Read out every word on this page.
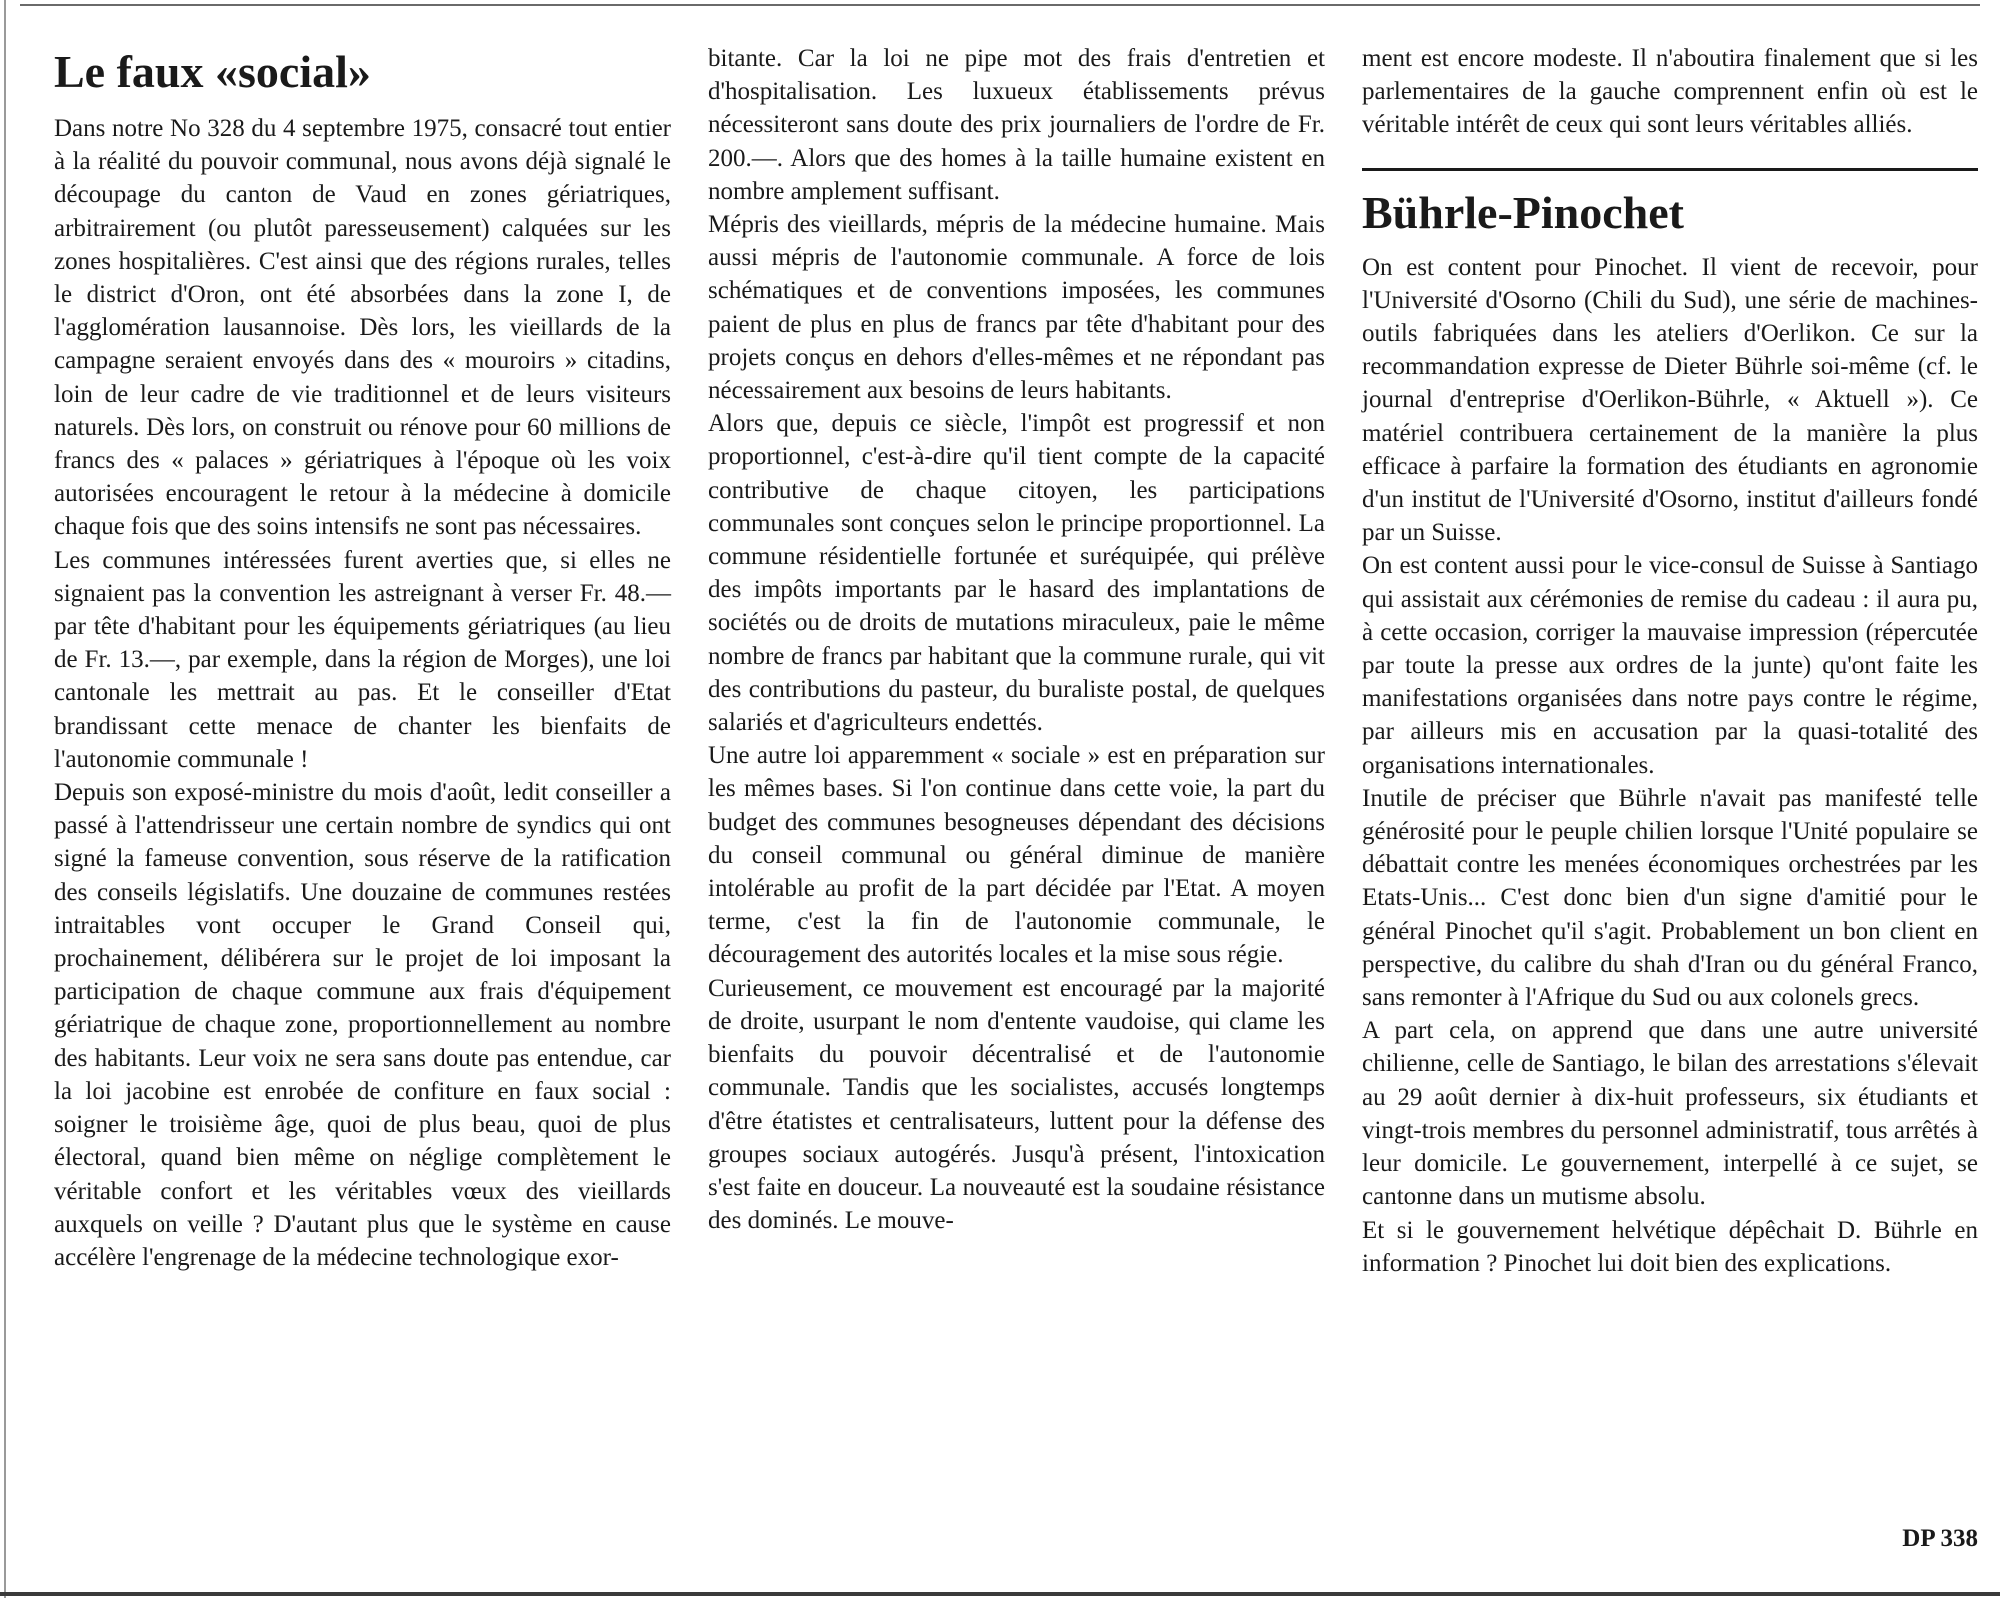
Le faux «social»

Dans notre No 328 du 4 septembre 1975, consacré tout entier à la réalité du pouvoir communal, nous avons déjà signalé le découpage du canton de Vaud en zones gériatriques, arbitrairement (ou plutôt paresseusement) calquées sur les zones hospitalières. C'est ainsi que des régions rurales, telles le district d'Oron, ont été absorbées dans la zone I, de l'agglomération lausannoise. Dès lors, les vieillards de la campagne seraient envoyés dans des « mouroirs » citadins, loin de leur cadre de vie traditionnel et de leurs visiteurs naturels. Dès lors, on construit ou rénove pour 60 millions de francs des « palaces » gériatriques à l'époque où les voix autorisées encouragent le retour à la médecine à domicile chaque fois que des soins intensifs ne sont pas nécessaires.

Les communes intéressées furent averties que, si elles ne signaient pas la convention les astreignant à verser Fr. 48.— par tête d'habitant pour les équipements gériatriques (au lieu de Fr. 13.—, par exemple, dans la région de Morges), une loi cantonale les mettrait au pas. Et le conseiller d'Etat brandissant cette menace de chanter les bienfaits de l'autonomie communale !

Depuis son exposé-ministre du mois d'août, ledit conseiller a passé à l'attendrisseur une certain nombre de syndics qui ont signé la fameuse convention, sous réserve de la ratification des conseils législatifs. Une douzaine de communes restées intraitables vont occuper le Grand Conseil qui, prochainement, délibérera sur le projet de loi imposant la participation de chaque commune aux frais d'équipement gériatrique de chaque zone, proportionnellement au nombre des habitants. Leur voix ne sera sans doute pas entendue, car la loi jacobine est enrobée de confiture en faux social : soigner le troisième âge, quoi de plus beau, quoi de plus électoral, quand bien même on néglige complètement le véritable confort et les véritables vœux des vieillards auxquels on veille ? D'autant plus que le système en cause accélère l'engrenage de la médecine technologique exor-

bitante. Car la loi ne pipe mot des frais d'entretien et d'hospitalisation. Les luxueux établissements prévus nécessiteront sans doute des prix journaliers de l'ordre de Fr. 200.—. Alors que des homes à la taille humaine existent en nombre amplement suffisant.

Mépris des vieillards, mépris de la médecine humaine. Mais aussi mépris de l'autonomie communale. A force de lois schématiques et de conventions imposées, les communes paient de plus en plus de francs par tête d'habitant pour des projets conçus en dehors d'elles-mêmes et ne répondant pas nécessairement aux besoins de leurs habitants.

Alors que, depuis ce siècle, l'impôt est progressif et non proportionnel, c'est-à-dire qu'il tient compte de la capacité contributive de chaque citoyen, les participations communales sont conçues selon le principe proportionnel. La commune résidentielle fortunée et suréquipée, qui prélève des impôts importants par le hasard des implantations de sociétés ou de droits de mutations miraculeux, paie le même nombre de francs par habitant que la commune rurale, qui vit des contributions du pasteur, du buraliste postal, de quelques salariés et d'agriculteurs endettés.

Une autre loi apparemment « sociale » est en préparation sur les mêmes bases. Si l'on continue dans cette voie, la part du budget des communes besogneuses dépendant des décisions du conseil communal ou général diminue de manière intolérable au profit de la part décidée par l'Etat. A moyen terme, c'est la fin de l'autonomie communale, le découragement des autorités locales et la mise sous régie.

Curieusement, ce mouvement est encouragé par la majorité de droite, usurpant le nom d'entente vaudoise, qui clame les bienfaits du pouvoir décentralisé et de l'autonomie communale. Tandis que les socialistes, accusés longtemps d'être étatistes et centralisateurs, luttent pour la défense des groupes sociaux autogérés. Jusqu'à présent, l'intoxication s'est faite en douceur. La nouveauté est la soudaine résistance des dominés. Le mouve-

ment est encore modeste. Il n'aboutira finalement que si les parlementaires de la gauche comprennent enfin où est le véritable intérêt de ceux qui sont leurs véritables alliés.

Bührle-Pinochet

On est content pour Pinochet. Il vient de recevoir, pour l'Université d'Osorno (Chili du Sud), une série de machines-outils fabriquées dans les ateliers d'Oerlikon. Ce sur la recommandation expresse de Dieter Bührle soi-même (cf. le journal d'entreprise d'Oerlikon-Bührle, « Aktuell »). Ce matériel contribuera certainement de la manière la plus efficace à parfaire la formation des étudiants en agronomie d'un institut de l'Université d'Osorno, institut d'ailleurs fondé par un Suisse.

On est content aussi pour le vice-consul de Suisse à Santiago qui assistait aux cérémonies de remise du cadeau : il aura pu, à cette occasion, corriger la mauvaise impression (répercutée par toute la presse aux ordres de la junte) qu'ont faite les manifestations organisées dans notre pays contre le régime, par ailleurs mis en accusation par la quasi-totalité des organisations internationales.

Inutile de préciser que Bührle n'avait pas manifesté telle générosité pour le peuple chilien lorsque l'Unité populaire se débattait contre les menées économiques orchestrées par les Etats-Unis... C'est donc bien d'un signe d'amitié pour le général Pinochet qu'il s'agit. Probablement un bon client en perspective, du calibre du shah d'Iran ou du général Franco, sans remonter à l'Afrique du Sud ou aux colonels grecs.

A part cela, on apprend que dans une autre université chilienne, celle de Santiago, le bilan des arrestations s'élevait au 29 août dernier à dix-huit professeurs, six étudiants et vingt-trois membres du personnel administratif, tous arrêtés à leur domicile. Le gouvernement, interpellé à ce sujet, se cantonne dans un mutisme absolu.

Et si le gouvernement helvétique dépêchait D. Bührle en information ? Pinochet lui doit bien des explications.

DP 338
